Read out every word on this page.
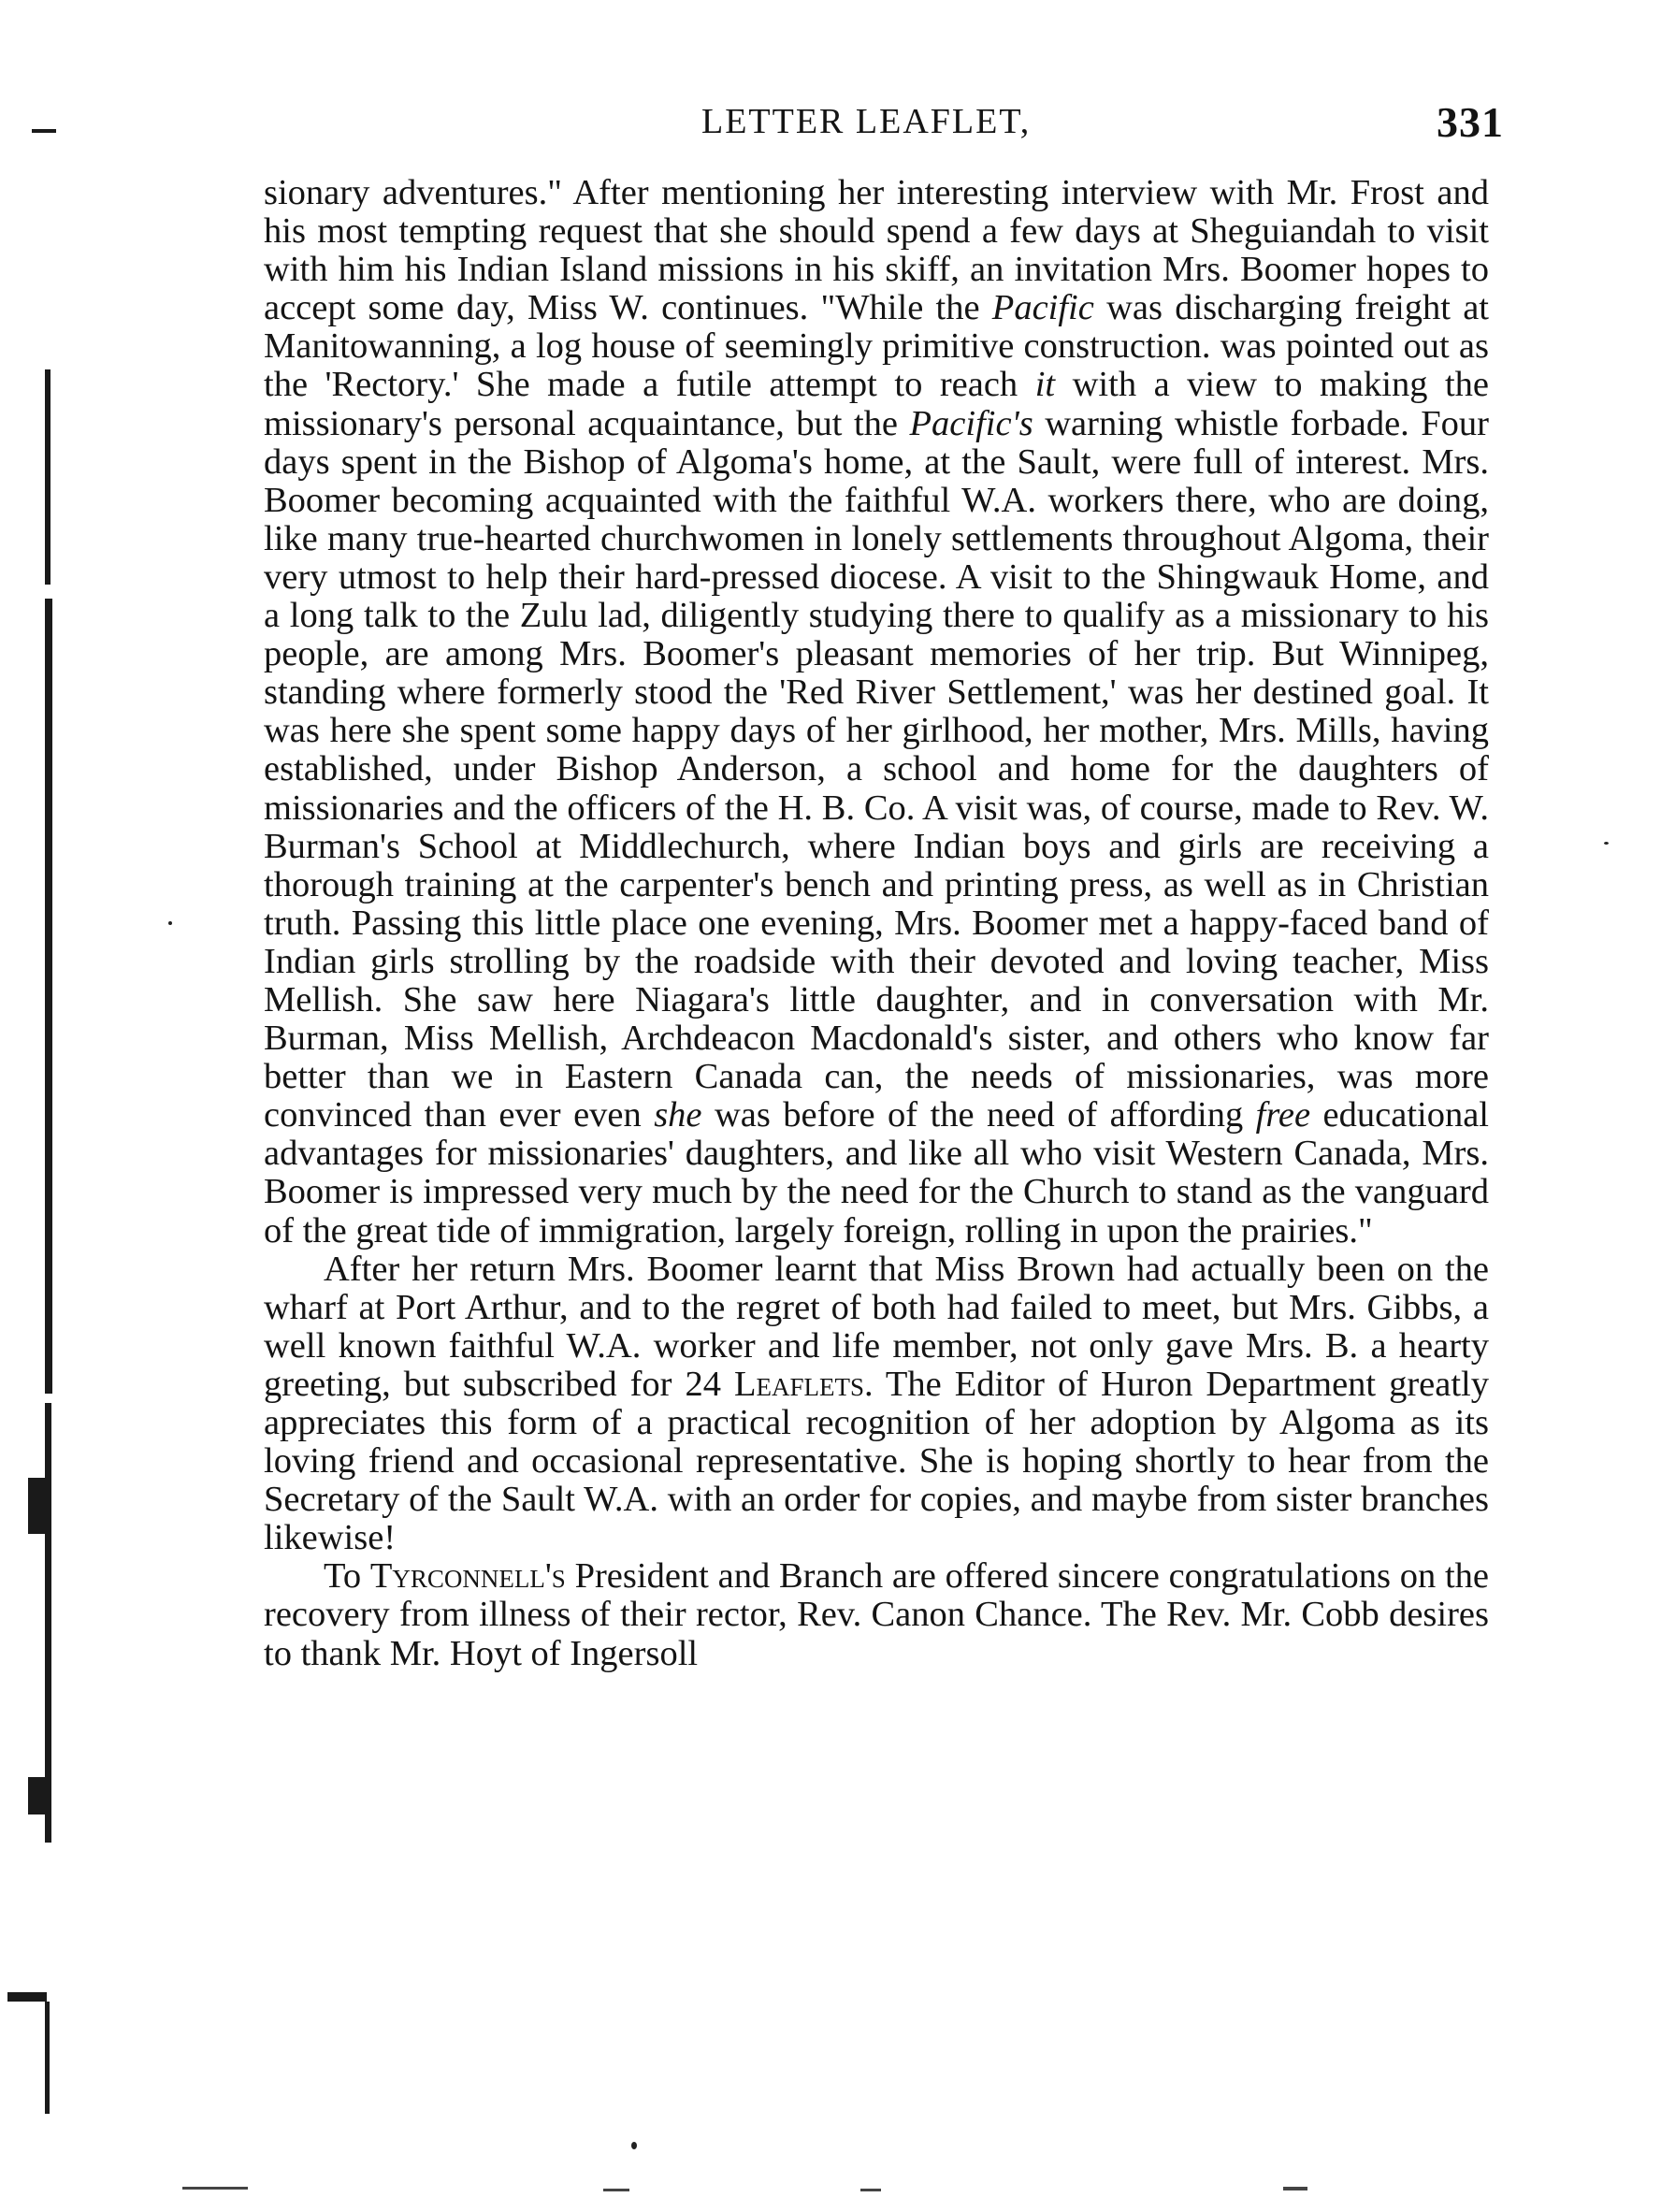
LETTER LEAFLET,	331

sionary adventures." After mentioning her interesting interview with Mr. Frost and his most tempting request that she should spend a few days at Sheguiandah to visit with him his Indian Island missions in his skiff, an invitation Mrs. Boomer hopes to accept some day, Miss W. continues. "While the Pacific was discharging freight at Manitowanning, a log house of seemingly primitive construction. was pointed out as the 'Rectory.' She made a futile attempt to reach it with a view to making the missionary's personal acquaintance, but the Pacific's warning whistle forbade. Four days spent in the Bishop of Algoma's home, at the Sault, were full of interest. Mrs. Boomer becoming acquainted with the faithful W.A. workers there, who are doing, like many true-hearted churchwomen in lonely settlements throughout Algoma, their very utmost to help their hard-pressed diocese. A visit to the Shingwauk Home, and a long talk to the Zulu lad, diligently studying there to qualify as a missionary to his people, are among Mrs. Boomer's pleasant memories of her trip. But Winnipeg, standing where formerly stood the 'Red River Settlement,' was her destined goal. It was here she spent some happy days of her girlhood, her mother, Mrs. Mills, having established, under Bishop Anderson, a school and home for the daughters of missionaries and the officers of the H. B. Co. A visit was, of course, made to Rev. W. Burman's School at Middlechurch, where Indian boys and girls are receiving a thorough training at the carpenter's bench and printing press, as well as in Christian truth. Passing this little place one evening, Mrs. Boomer met a happy-faced band of Indian girls strolling by the roadside with their devoted and loving teacher, Miss Mellish. She saw here Niagara's little daughter, and in conversation with Mr. Burman, Miss Mellish, Archdeacon Macdonald's sister, and others who know far better than we in Eastern Canada can, the needs of missionaries, was more convinced than ever even she was before of the need of affording free educational advantages for missionaries' daughters, and like all who visit Western Canada, Mrs. Boomer is impressed very much by the need for the Church to stand as the vanguard of the great tide of immigration, largely foreign, rolling in upon the prairies."

After her return Mrs. Boomer learnt that Miss Brown had actually been on the wharf at Port Arthur, and to the regret of both had failed to meet, but Mrs. Gibbs, a well known faithful W.A. worker and life member, not only gave Mrs. B. a hearty greeting, but subscribed for 24 Leaflets. The Editor of Huron Department greatly appreciates this form of a practical recognition of her adoption by Algoma as its loving friend and occasional representative. She is hoping shortly to hear from the Secretary of the Sault W.A. with an order for copies, and maybe from sister branches likewise!

To Tyrconnell's President and Branch are offered sincere congratulations on the recovery from illness of their rector, Rev. Canon Chance. The Rev. Mr. Cobb desires to thank Mr. Hoyt of Ingersoll
